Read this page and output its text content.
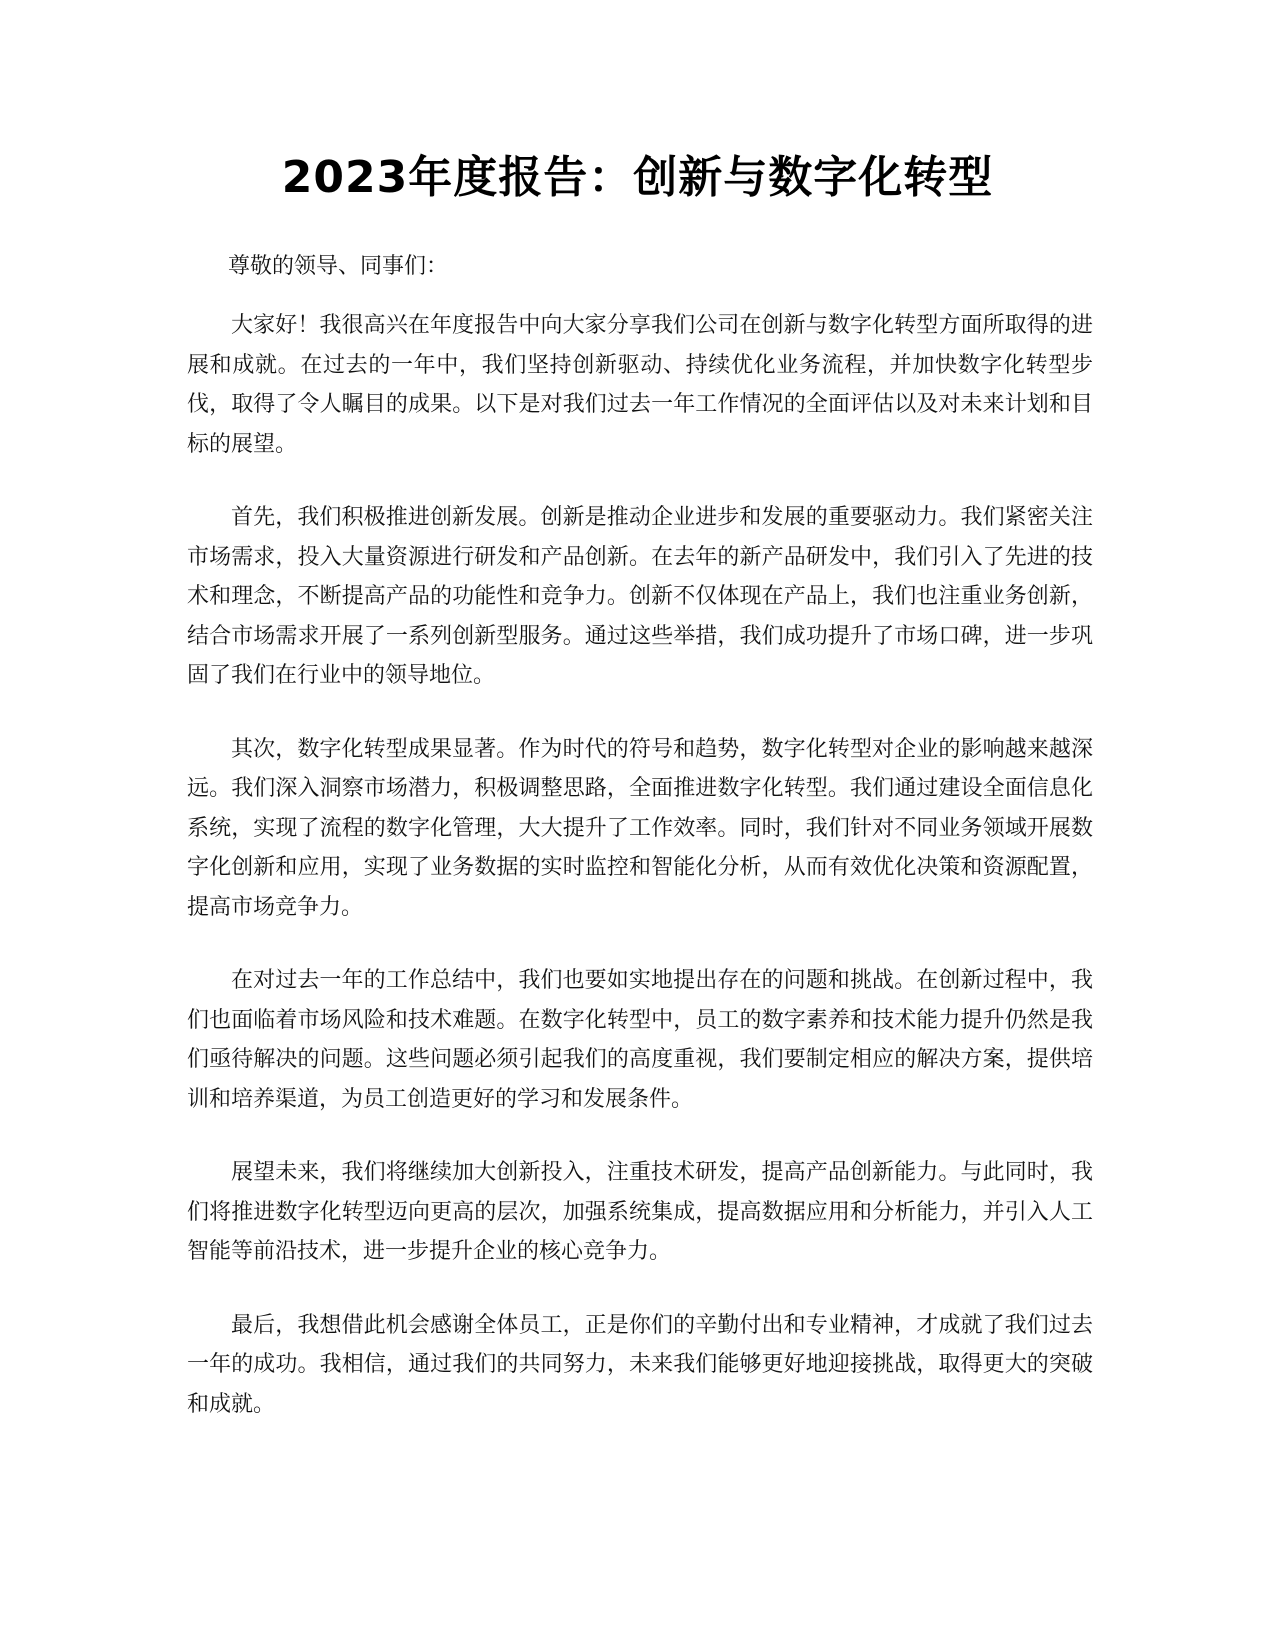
2023年度报告：创新与数字化转型

尊敬的领导、同事们：

大家好！我很高兴在年度报告中向大家分享我们公司在创新与数字化转型方面所取得的进展和成就。在过去的一年中，我们坚持创新驱动、持续优化业务流程，并加快数字化转型步伐，取得了令人瞩目的成果。以下是对我们过去一年工作情况的全面评估以及对未来计划和目标的展望。

首先，我们积极推进创新发展。创新是推动企业进步和发展的重要驱动力。我们紧密关注市场需求，投入大量资源进行研发和产品创新。在去年的新产品研发中，我们引入了先进的技术和理念，不断提高产品的功能性和竞争力。创新不仅体现在产品上，我们也注重业务创新，结合市场需求开展了一系列创新型服务。通过这些举措，我们成功提升了市场口碑，进一步巩固了我们在行业中的领导地位。

其次，数字化转型成果显著。作为时代的符号和趋势，数字化转型对企业的影响越来越深远。我们深入洞察市场潜力，积极调整思路，全面推进数字化转型。我们通过建设全面信息化系统，实现了流程的数字化管理，大大提升了工作效率。同时，我们针对不同业务领域开展数字化创新和应用，实现了业务数据的实时监控和智能化分析，从而有效优化决策和资源配置，提高市场竞争力。

在对过去一年的工作总结中，我们也要如实地提出存在的问题和挑战。在创新过程中，我们也面临着市场风险和技术难题。在数字化转型中，员工的数字素养和技术能力提升仍然是我们亟待解决的问题。这些问题必须引起我们的高度重视，我们要制定相应的解决方案，提供培训和培养渠道，为员工创造更好的学习和发展条件。

展望未来，我们将继续加大创新投入，注重技术研发，提高产品创新能力。与此同时，我们将推进数字化转型迈向更高的层次，加强系统集成，提高数据应用和分析能力，并引入人工智能等前沿技术，进一步提升企业的核心竞争力。

最后，我想借此机会感谢全体员工，正是你们的辛勤付出和专业精神，才成就了我们过去一年的成功。我相信，通过我们的共同努力，未来我们能够更好地迎接挑战，取得更大的突破和成就。
